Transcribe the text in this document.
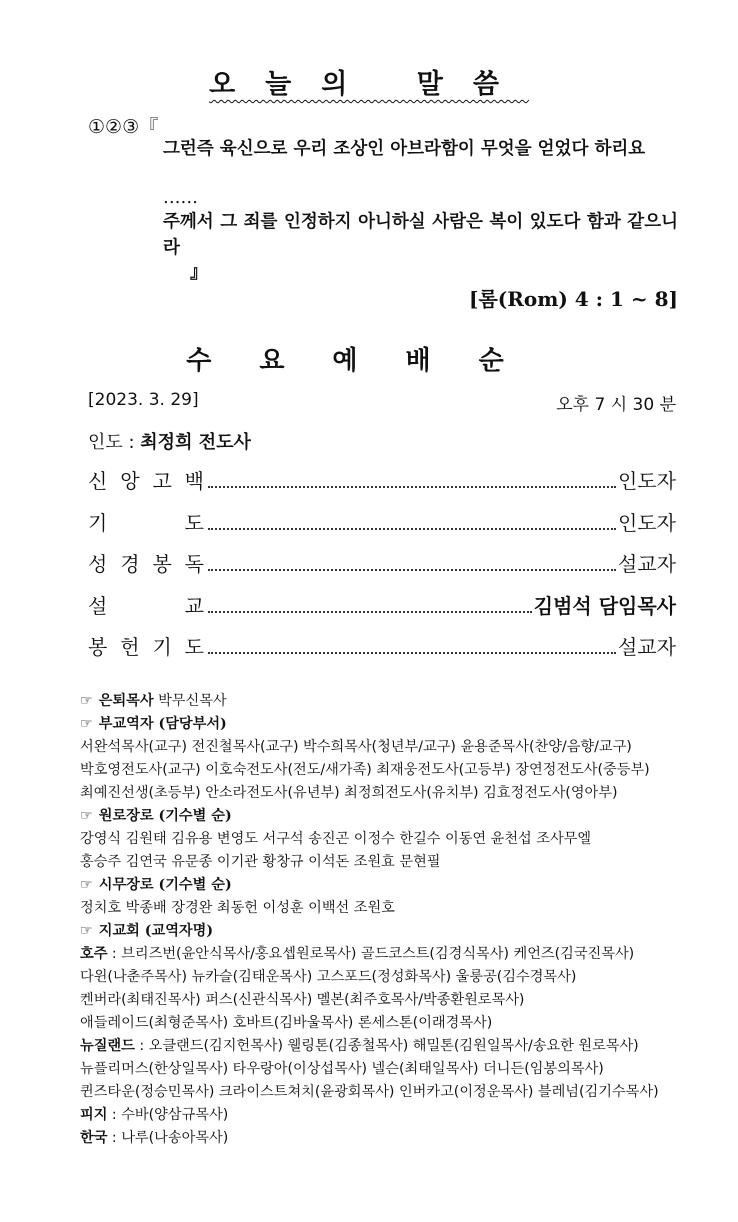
오늘의 말씀
①②③『
그런즉 육신으로 우리 조상인 아브라함이 무엇을 얻었다 하리요
……
주께서 그 죄를 인정하지 아니하실 사람은 복이 있도다 함과 같으니라
』
[롬(Rom) 4 : 1 ~ 8]
수요예배순
[2023. 3. 29]	오후 7 시 30 분
인도 : 최정희 전도사
신 앙 고 백	인도자
기	도	인도자
성 경 봉 독	설교자
설	교	김범석 담임목사
봉 헌 기 도	설교자
☞ 은퇴목사 박무신목사
☞ 부교역자 (담당부서)
서완석목사(교구) 전진철목사(교구) 박수희목사(청년부/교구) 윤용준목사(찬양/음향/교구)
박호영전도사(교구) 이호숙전도사(전도/새가족) 최재웅전도사(고등부) 장연정전도사(중등부)
최예진선생(초등부) 안소라전도사(유년부) 최정희전도사(유치부) 김효정전도사(영아부)
☞ 원로장로 (기수별 순)
강영식 김원태 김유용 변영도 서구석 송진곤 이정수 한길수 이동연 윤천섭 조사무엘
홍승주 김연국 유문종 이기관 황창규 이석돈 조원효 문현필
☞ 시무장로 (기수별 순)
정치호 박종배 장경완 최동헌 이성훈 이백선 조원호
☞ 지교회 (교역자명)
호주 : 브리즈번(윤안식목사/홍요셉원로목사) 골드코스트(김경식목사) 케언즈(김국진목사)
다윈(나춘주목사) 뉴카슬(김태운목사) 고스포드(정성화목사) 울룽공(김수경목사)
켄버라(최태진목사) 퍼스(신관식목사) 멜본(최주호목사/박종환원로목사)
애들레이드(최형준목사) 호바트(김바울목사) 론세스톤(이래경목사)
뉴질랜드 : 오클랜드(김지헌목사) 웰링톤(김종철목사) 해밀톤(김원일목사/송요한 원로목사)
뉴플리머스(한상일목사) 타우랑아(이상섭목사) 넬슨(최태일목사) 더니든(임봉의목사)
퀸즈타운(정승민목사) 크라이스트쳐치(윤광회목사) 인버카고(이정운목사) 블레넘(김기수목사)
피지 : 수바(양삼규목사)
한국 : 나루(나송아목사)
